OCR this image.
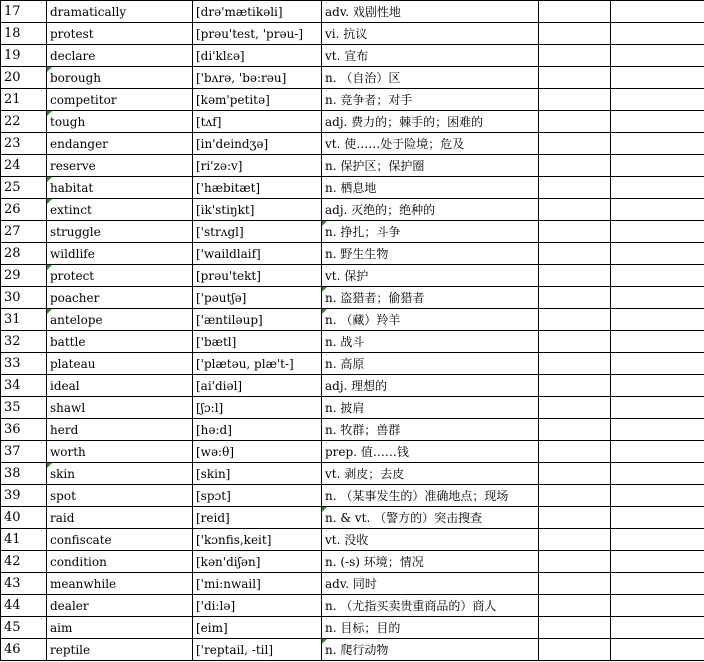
17	dramatically	[drə'mætikəli]	adv. 戏剧性地		
18	protest	[prəu'test, 'prəu-]	vi. 抗议		
19	declare	[di'klεə]	vt. 宣布		
20	borough	['bʌrə, 'bə:rəu]	n. （自治）区		
21	competitor	[kəm'petitə]	n. 竞争者；对手		
22	tough	[tʌf]	adj. 费力的；棘手的；困难的		
23	endanger	[in'deindʒə]	vt. 使……处于险境；危及		
24	reserve	[ri'zə:v]	n. 保护区；保护圈		
25	habitat	['hæbitæt]	n. 栖息地		
26	extinct	[ik'stiŋkt]	adj. 灭绝的；绝种的		
27	struggle	['strʌgl]	n. 挣扎；斗争		
28	wildlife	['waildlaif]	n. 野生生物		
29	protect	[prəu'tekt]	vt. 保护		
30	poacher	['pəutʃə]	n. 盗猎者；偷猎者		
31	antelope	['æntiləup]	n. （藏）羚羊		
32	battle	['bætl]	n. 战斗		
33	plateau	['plætəu, plæ't-]	n. 高原		
34	ideal	[ai'diəl]	adj. 理想的		
35	shawl	[ʃɔ:l]	n. 披肩		
36	herd	[hə:d]	n. 牧群；兽群		
37	worth	[wə:θ]	prep. 值……钱		
38	skin	[skin]	vt. 剥皮；去皮		
39	spot	[spɔt]	n. （某事发生的）准确地点；现场		
40	raid	[reid]	n. & vt. （警方的）突击搜查		
41	confiscate	['kɔnfis,keit]	vt. 没收		
42	condition	[kən'diʃən]	n. (-s) 环境；情况		
43	meanwhile	['mi:nwail]	adv. 同时		
44	dealer	['di:lə]	n. （尤指买卖贵重商品的）商人		
45	aim	[eim]	n. 目标；目的		
46	reptile	['reptail, -til]	n. 爬行动物		
